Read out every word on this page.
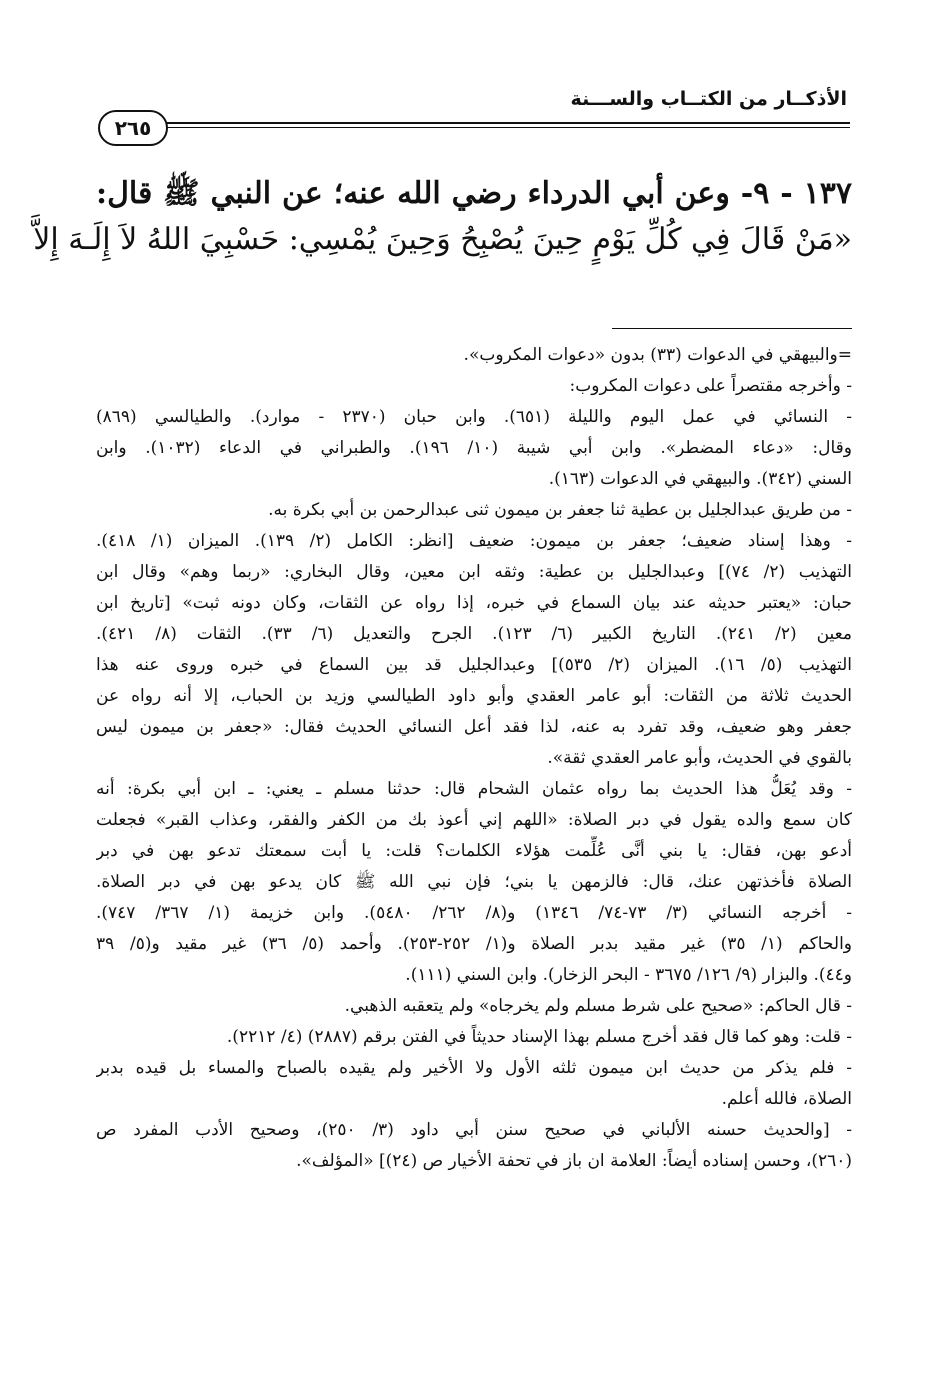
الأذكــار من الكتــاب والســـنة
٢٦٥
١٣٧ - ٩- وعن أبي الدرداء رضي الله عنه؛ عن النبي ﷺ قال:
«مَنْ قَالَ فِي كُلِّ يَوْمٍ حِينَ يُصْبِحُ وَحِينَ يُمْسِي: حَسْبِيَ اللهُ لاَ إِلَـهَ إِلاَّ
=والبيهقي في الدعوات (٣٣) بدون «دعوات المكروب».
- وأخرجه مقتصراً على دعوات المكروب:
- النسائي في عمل اليوم والليلة (٦٥١). وابن حبان (٢٣٧٠ - موارد). والطيالسي (٨٦٩)
وقال: «دعاء المضطر». وابن أبي شيبة (١٠/ ١٩٦). والطبراني في الدعاء (١٠٣٢). وابن
السني (٣٤٢). والبيهقي في الدعوات (١٦٣).
- من طريق عبدالجليل بن عطية ثنا جعفر بن ميمون ثنى عبدالرحمن بن أبي بكرة به.
- وهذا إسناد ضعيف؛ جعفر بن ميمون: ضعيف [انظر: الكامل (٢/ ١٣٩). الميزان (١/ ٤١٨).
التهذيب (٢/ ٧٤)] وعبدالجليل بن عطية: وثقه ابن معين، وقال البخاري: «ربما وهم» وقال ابن
حبان: «يعتبر حديثه عند بيان السماع في خبره، إذا رواه عن الثقات، وكان دونه ثبت» [تاريخ ابن
معين (٢/ ٢٤١). التاريخ الكبير (٦/ ١٢٣). الجرح والتعديل (٦/ ٣٣). الثقات (٨/ ٤٢١).
التهذيب (٥/ ١٦). الميزان (٢/ ٥٣٥)] وعبدالجليل قد بين السماع في خبره وروى عنه هذا
الحديث ثلاثة من الثقات: أبو عامر العقدي وأبو داود الطيالسي وزيد بن الحباب، إلا أنه رواه عن
جعفر وهو ضعيف، وقد تفرد به عنه، لذا فقد أعل النسائي الحديث فقال: «جعفر بن ميمون ليس
بالقوي في الحديث، وأبو عامر العقدي ثقة».
- وقد يُعَلُّ هذا الحديث بما رواه عثمان الشحام قال: حدثنا مسلم ـ يعني: ـ ابن أبي بكرة: أنه
كان سمع والده يقول في دبر الصلاة: «اللهم إني أعوذ بك من الكفر والفقر، وعذاب القبر» فجعلت
أدعو بهن، فقال: يا بني أنَّى عُلِّمت هؤلاء الكلمات؟ قلت: يا أبت سمعتك تدعو بهن في دبر
الصلاة فأخذتهن عنك، قال: فالزمهن يا بني؛ فإن نبي الله ﷺ كان يدعو بهن في دبر الصلاة.
- أخرجه النسائي (٣/ ٧٣-٧٤/ ١٣٤٦) و(٨/ ٢٦٢/ ٥٤٨٠). وابن خزيمة (١/ ٣٦٧/ ٧٤٧).
والحاكم (١/ ٣٥) غير مقيد بدبر الصلاة و(١/ ٢٥٢-٢٥٣). وأحمد (٥/ ٣٦) غير مقيد و(٥/ ٣٩
و٤٤). والبزار (٩/ ١٢٦/ ٣٦٧٥ - البحر الزخار). وابن السني (١١١).
- قال الحاكم: «صحيح على شرط مسلم ولم يخرجاه» ولم يتعقبه الذهبي.
- قلت: وهو كما قال فقد أخرج مسلم بهذا الإسناد حديثاً في الفتن برقم (٢٨٨٧) (٤/ ٢٢١٢).
- فلم يذكر من حديث ابن ميمون ثلثه الأول ولا الأخير ولم يقيده بالصباح والمساء بل قيده بدبر
الصلاة، فالله أعلم.
- [والحديث حسنه الألباني في صحيح سنن أبي داود (٣/ ٢٥٠)، وصحيح الأدب المفرد ص
(٢٦٠)، وحسن إسناده أيضاً: العلامة ان باز في تحفة الأخيار ص (٢٤)] «المؤلف».
